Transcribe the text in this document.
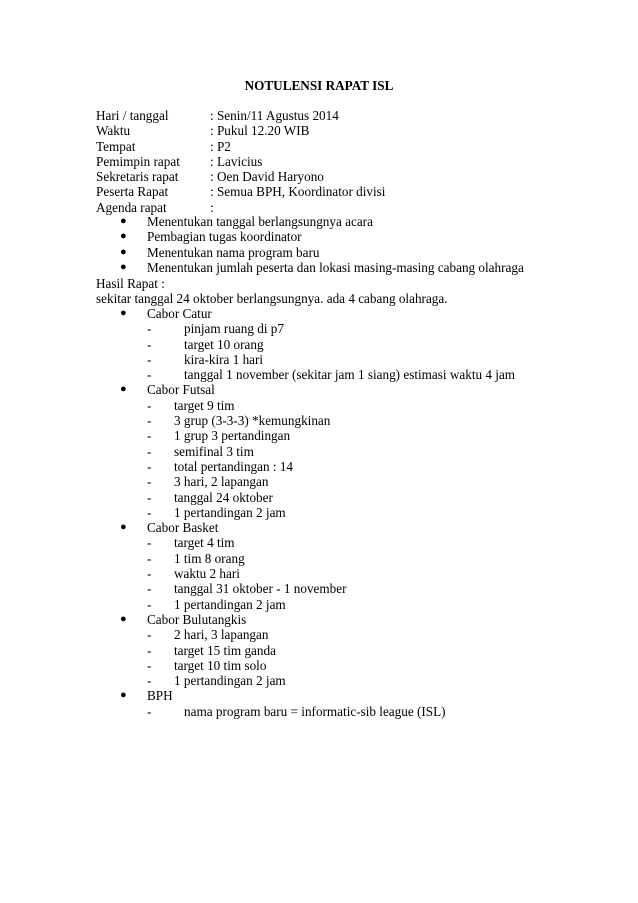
NOTULENSI RAPAT ISL
Hari / tanggal	: Senin/11 Agustus 2014
Waktu	: Pukul 12.20 WIB
Tempat	: P2
Pemimpin rapat	: Lavicius
Sekretaris rapat	: Oen David Haryono
Peserta Rapat	: Semua BPH, Koordinator divisi
Agenda rapat	:
●	Menentukan tanggal berlangsungnya acara
●	Pembagian tugas koordinator
●	Menentukan nama program baru
●	Menentukan jumlah peserta dan lokasi masing-masing cabang olahraga
Hasil Rapat :
sekitar tanggal 24 oktober berlangsungnya. ada 4 cabang olahraga.
●	Cabor Catur
-	pinjam ruang di p7
-	target 10 orang
-	kira-kira 1 hari
-	tanggal 1 november (sekitar jam 1 siang) estimasi waktu 4 jam
●	Cabor Futsal
-	target 9 tim
-	3 grup (3-3-3) *kemungkinan
-	1 grup 3 pertandingan
-	semifinal 3 tim
-	total pertandingan : 14
-	3 hari, 2 lapangan
-	tanggal 24 oktober
-	1 pertandingan 2 jam
●	Cabor Basket
-	target 4 tim
-	1 tim 8 orang
-	waktu 2 hari
-	tanggal 31 oktober - 1 november
-	1 pertandingan 2 jam
●	Cabor Bulutangkis
-	2 hari, 3 lapangan
-	target 15 tim ganda
-	target 10 tim solo
-	1 pertandingan 2 jam
●	BPH
-	nama program baru = informatic-sib league (ISL)
